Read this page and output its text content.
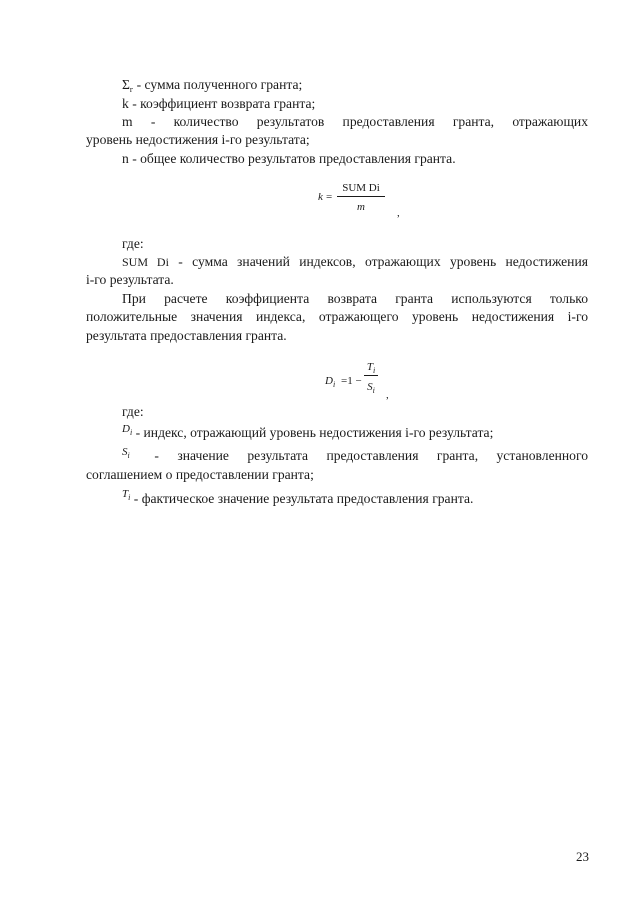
$\Sigma_г$ - сумма полученного гранта;
k - коэффициент возврата гранта;
m - количество результатов предоставления гранта, отражающих
уровень недостижения i-го результата;
n - общее количество результатов предоставления гранта.
k =
SUM Di
m	,
где:
SUM Di - сумма значений индексов, отражающих уровень недостижения
i-го результата.
При расчете коэффициента возврата гранта используются только
положительные значения индекса, отражающего уровень недостижения i-го
результата предоставления гранта.
$D_i =1$ −
$T_i$
$S_i$	,
где:
$^{D_i}$ - индекс, отражающий уровень недостижения i-го результата;
$S_i$ - значение результата предоставления гранта, установленного
соглашением о предоставлении гранта;
$^{T_i}$ - фактическое значение результата предоставления гранта.
23
